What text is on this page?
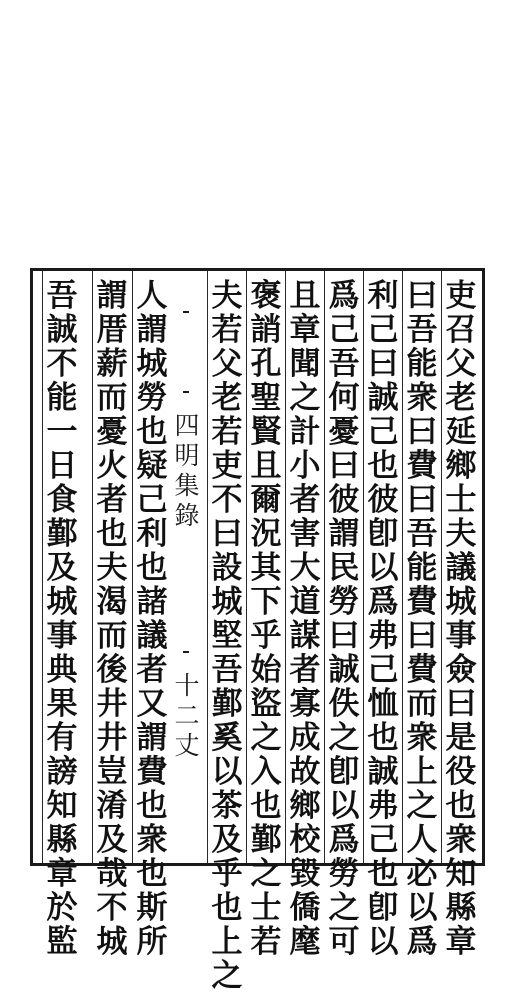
吏
召
父
老
延
鄉
士
夫
議
城
事
僉
曰
是
役
也
衆
知
縣
章
曰
吾
能
衆
曰
費
曰
吾
能
費
曰
費
而
衆
上
之
人
必
以
爲
利
己
曰
誠
己
也
彼
卽
以
爲
弗
己
恤
也
誠
弗
己
也
卽
以
爲
己
吾
何
憂
曰
彼
謂
民
勞
曰
誠
佚
之
卽
以
爲
勞
之
可
且
章
聞
之
計
小
者
害
大
道
謀
者
寡
成
故
鄉
校
毀
僑
麾
褒
誚
孔
聖
賢
且
爾
況
其
下
乎
始
盜
之
入
也
鄞
之
士
若
夫
若
父
老
若
吏
不
曰
設
城
堅
吾
鄞
奚
以
茶
及
乎
也
上
之
人
謂
城
勞
也
疑
己
利
也
諸
議
者
又
謂
費
也
衆
也
斯
所
謂
厝
薪
而
憂
火
者
也
夫
渴
而
後
井
井
豈
淆
及
哉
不
城
吾
誠
不
能
一
日
食
鄞
及
城
事
典
果
有
謗
知
縣
章
於
監
四
明
集
錄
十
二
丈
